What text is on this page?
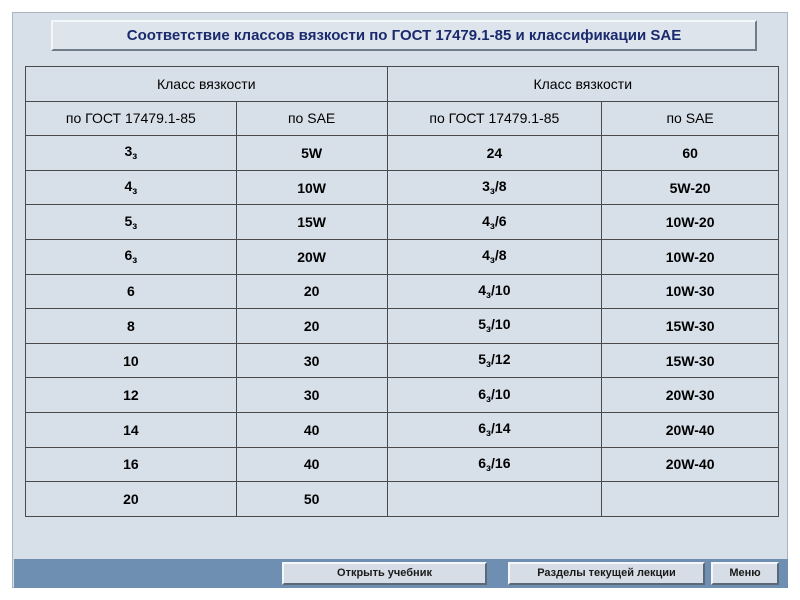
Соответствие классов вязкости по ГОСТ 17479.1-85 и классификации SAE
Класс вязкости		Класс вязкости	
по ГОСТ 17479.1-85	по SAE	по ГОСТ 17479.1-85	по SAE
$3_з$	5W	24	60
$4_з$	10W	$3_з/8$	5W-20
$5_з$	15W	$4_з/6$	10W-20
$6_з$	20W	$4_з/8$	10W-20
6	20	$4_з/10$	10W-30
8	20	$5_з/10$	15W-30
10	30	$5_з/12$	15W-30
12	30	$6_з/10$	20W-30
14	40	$6_з/14$	20W-40
16	40	$6_з/16$	20W-40
20	50		
Открыть учебник	Разделы текущей лекции	Меню
